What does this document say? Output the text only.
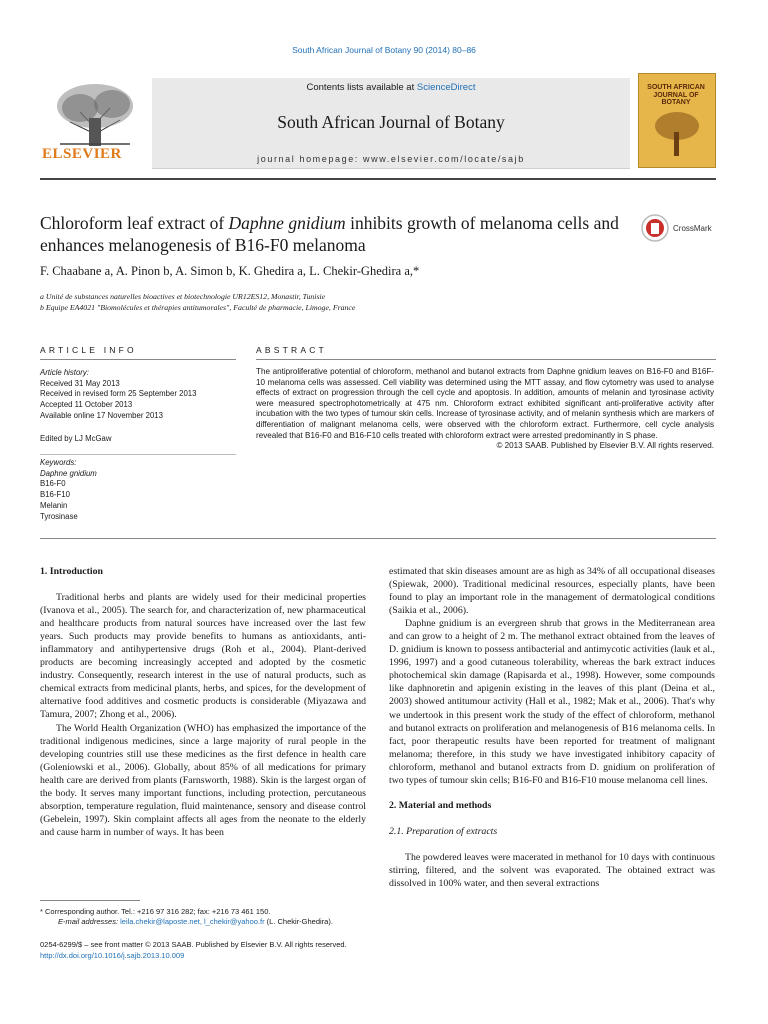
South African Journal of Botany 90 (2014) 80–86
ELSEVIER
Contents lists available at ScienceDirect
South African Journal of Botany
journal homepage: www.elsevier.com/locate/sajb
SOUTH AFRICAN JOURNAL OF BOTANY
Chloroform leaf extract of Daphne gnidium inhibits growth of melanoma cells and enhances melanogenesis of B16-F0 melanoma
CrossMark
F. Chaabane a, A. Pinon b, A. Simon b, K. Ghedira a, L. Chekir-Ghedira a,*
a Unité de substances naturelles bioactives et biotechnologie UR12ES12, Monastir, Tunisie
b Equipe EA4021 "Biomolécules et thérapies antitumorales", Faculté de pharmacie, Limoge, France
ARTICLE INFO	ABSTRACT
Article history:
Received 31 May 2013
Received in revised form 25 September 2013
Accepted 11 October 2013
Available online 17 November 2013
Edited by LJ McGaw
Keywords:
Daphne gnidium
B16-F0
B16-F10
Melanin
Tyrosinase
The antiproliferative potential of chloroform, methanol and butanol extracts from Daphne gnidium leaves on B16-F0 and B16F-10 melanoma cells was assessed. Cell viability was determined using the MTT assay, and flow cytometry was used to analyse effects of extract on progression through the cell cycle and apoptosis. In addition, amounts of melanin and tyrosinase activity were measured spectrophotometrically at 475 nm. Chloroform extract exhibited significant anti-proliferative activity after incubation with the two types of tumour skin cells. Increase of tyrosinase activity, and of melanin synthesis which are markers of differentiation of malignant melanoma cells, were observed with the chloroform extract. Furthermore, cell cycle analysis revealed that B16-F0 and B16-F10 cells treated with chloroform extract were arrested predominantly in S phase.
© 2013 SAAB. Published by Elsevier B.V. All rights reserved.
1. Introduction

Traditional herbs and plants are widely used for their medicinal properties (Ivanova et al., 2005). The search for, and characterization of, new pharmaceutical and healthcare products from natural sources have increased over the last few years. Such products may provide benefits to humans as antioxidants, anti-inflammatory and antihypertensive drugs (Roh et al., 2004). Plant-derived products are becoming increasingly accepted and adopted by the cosmetic industry. Consequently, research interest in the use of natural products, such as chemical extracts from medicinal plants, herbs, and spices, for the development of alternative food additives and cosmetic products is considerable (Miyazawa and Tamura, 2007; Zhong et al., 2006).

The World Health Organization (WHO) has emphasized the importance of the traditional indigenous medicines, since a large majority of rural people in the developing countries still use these medicines as the first defence in health care (Goleniowski et al., 2006). Globally, about 85% of all medications for primary health care are derived from plants (Farnsworth, 1988). Skin is the largest organ of the body. It serves many important functions, including protection, percutaneous absorption, temperature regulation, fluid maintenance, sensory and disease control (Gebelein, 1997). Skin complaint affects all ages from the neonate to the elderly and cause harm in number of ways. It has been

estimated that skin diseases amount are as high as 34% of all occupational diseases (Spiewak, 2000). Traditional medicinal resources, especially plants, have been found to play an important role in the management of dermatological conditions (Saikia et al., 2006).

Daphne gnidium is an evergreen shrub that grows in the Mediterranean area and can grow to a height of 2 m. The methanol extract obtained from the leaves of D. gnidium is known to possess antibacterial and antimycotic activities (lauk et al., 1996, 1997) and a good cutaneous tolerability, whereas the bark extract induces photochemical skin damage (Rapisarda et al., 1998). However, some compounds like daphnoretin and apigenin existing in the leaves of this plant (Deina et al., 2003) showed antitumour activity (Hall et al., 1982; Mak et al., 2006). That's why we undertook in this present work the study of the effect of chloroform, methanol and butanol extracts on proliferation and melanogenesis of B16 melanoma cells. In fact, poor therapeutic results have been reported for treatment of malignant melanoma; therefore, in this study we have investigated inhibitory capacity of chloroform, methanol and butanol extracts from D. gnidium on proliferation of two types of tumour skin cells; B16-F0 and B16-F10 mouse melanoma cell lines.

2. Material and methods
2.1. Preparation of extracts

The powdered leaves were macerated in methanol for 10 days with continuous stirring, filtered, and the solvent was evaporated. The obtained extract was dissolved in 100% water, and then several extractions

* Corresponding author. Tel.: +216 97 316 282; fax: +216 73 461 150.
E-mail addresses: leila.chekir@laposte.net, l_chekir@yahoo.fr (L. Chekir-Ghedira).
0254-6299/$ – see front matter © 2013 SAAB. Published by Elsevier B.V. All rights reserved.
http://dx.doi.org/10.1016/j.sajb.2013.10.009
